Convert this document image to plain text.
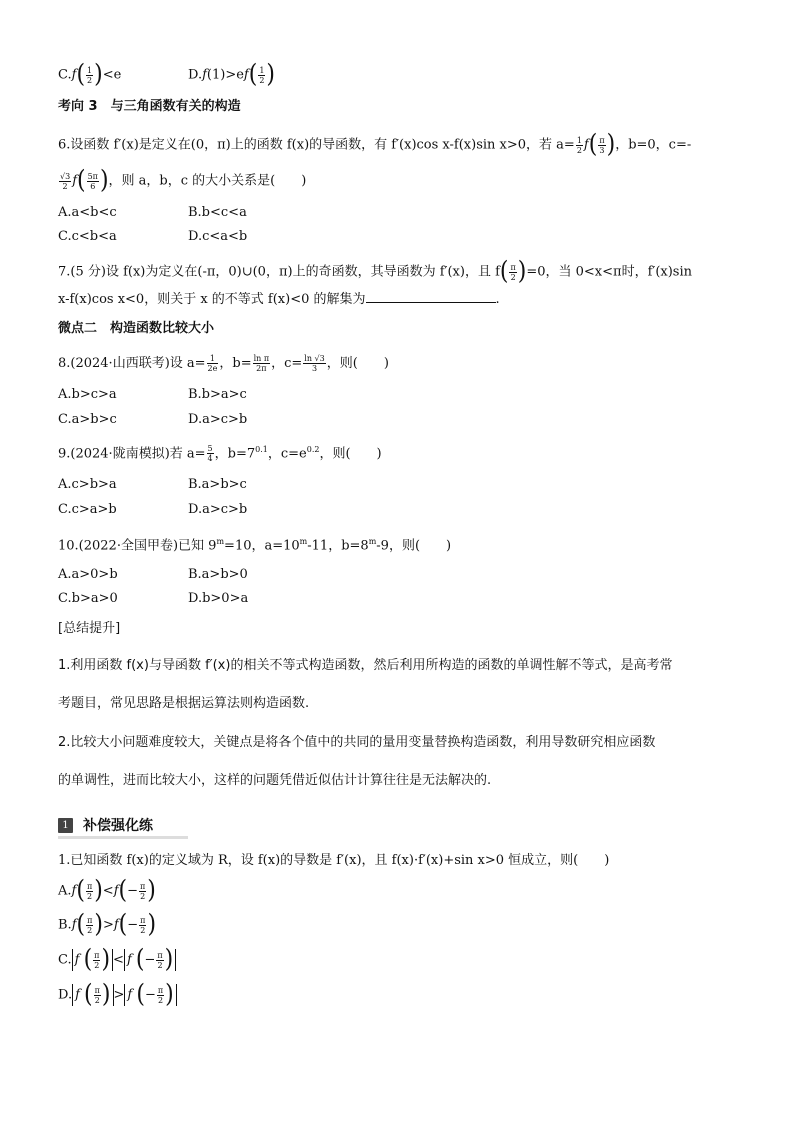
$C.f( \frac{1}{2} )<e$	$D.f(1)>ef( \frac{1}{2}$ )
考向 3　与三角函数有关的构造
6.设函数 f′(x)是定义在(0，π)上的函数 f(x)的导函数，有 f′(x)cos x-f(x)sin x>0，若 $a= \frac{1}{2} f( \frac{\pi}{3}$ )，b=0，c=-
$\frac{√3}{2} f( \frac{5\pi}{6}$ )，则 a，b，c 的大小关系是(　　)
A.a<b<c	B.b<c<a
C.c<b<a	D.c<a<b
7.(5 分)设 f(x)为定义在(-π，0)∪(0，π)上的奇函数，其导函数为 f′(x)，且 $f( \frac{\pi}{2} )=0$，当 0<x<π时，f′(x)sin
x-f(x)cos x<0，则关于 x 的不等式 f(x)<0 的解集为	.
微点二　构造函数比较大小
8.(2024·山西联考)设 $a= \frac{1}{2e}$ ，$b= \frac{\text{ln π}}{2\pi}$ ，$c= \frac{\ln √3}{3}$ ，则(　　)
A.b>c>a	B.b>a>c
C.a>b>c	D.a>c>b
9.(2024·陇南模拟)若 $a= \frac{5}{4}$ ，$b=7^{0.1}$，$c=e^{0.2}$，则(　　)
A.c>b>a	B.a>b>c
C.c>a>b	D.a>c>b
10.(2022·全国甲卷)已知 $9^m=10$，$a=10^m-11$，$b=8^m-9$，则(　　)
A.a>0>b	B.a>b>0
C.b>a>0	D.b>0>a
[总结提升]
1.利用函数 f(x)与导函数 f′(x)的相关不等式构造函数，然后利用所构造的函数的单调性解不等式，是高考常
考题目，常见思路是根据运算法则构造函数.
2.比较大小问题难度较大，关键点是将各个值中的共同的量用变量替换构造函数，利用导数研究相应函数
的单调性，进而比较大小，这样的问题凭借近似估计计算往往是无法解决的.
1	补偿强化练
1.已知函数 f(x)的定义域为 R，设 f(x)的导数是 f′(x)，且 f(x)·f′(x)+sin x>0 恒成立，则(　　)
$A.f( \frac{\pi}{2} )<f(- \frac{\pi}{2}$ )
$B.f( \frac{\pi}{2} )>f(- \frac{\pi}{2}$ )
C. f ( $\frac{\pi}{2}$ ) < f (− $\frac{\pi}{2}$ )
D. f ( $\frac{\pi}{2}$ ) > f (− $\frac{\pi}{2}$ )
